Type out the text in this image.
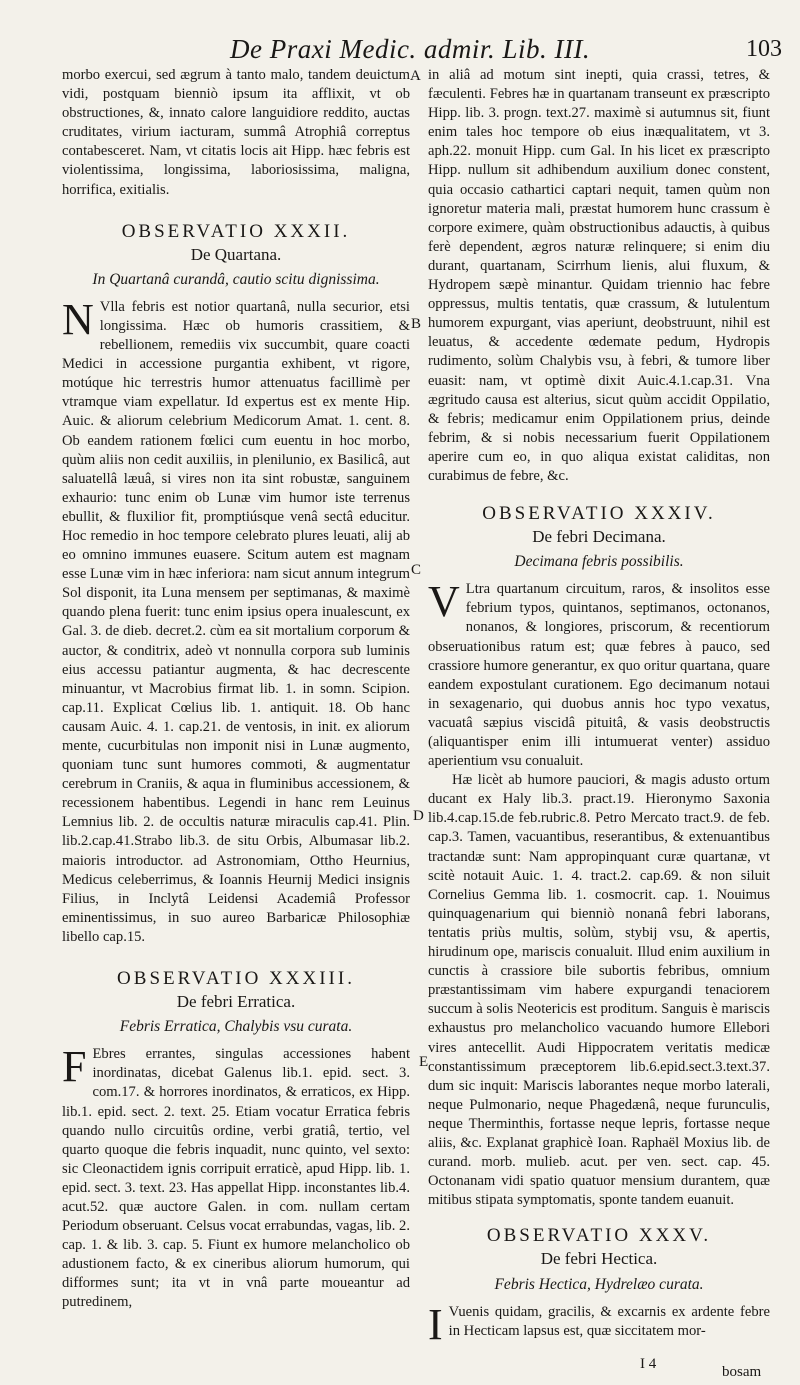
De Praxi Medic. admir. Lib. III.	103
A
B
C
D
E

morbo exercui, sed ægrum à tanto malo, tandem deuictum vidi, postquam bienniò ipsum ita afflixit, vt ob obstructiones, &, innato calore languidiore reddito, auctas cruditates, virium iacturam, summâ Atrophiâ correptus contabesceret. Nam, vt citatis locis ait Hipp. hæc febris est violentissima, longissima, laboriosissima, maligna, horrifica, exitialis.

OBSERVATIO XXXII.
De Quartana.
In Quartanâ curandâ, cautio scitu dignissima.

N Vlla febris est notior quartanâ, nulla securior, etsi longissima. Hæc ob humoris crassitiem, & rebellionem, remediis vix succumbit, quare coacti Medici in accessione purgantia exhibent, vt rigore, motúque hic terrestris humor attenuatus facillimè per vtramque viam expellatur. Id expertus est ex mente Hip. Auic. & aliorum celebrium Medicorum Amat. 1. cent. 8. Ob eandem rationem fœlici cum euentu in hoc morbo, quùm aliis non cedit auxiliis, in plenilunio, ex Basilicâ, aut saluatellâ læuâ, si vires non ita sint robustæ, sanguinem exhaurio: tunc enim ob Lunæ vim humor iste terrenus ebullit, & fluxilior fit, promptiúsque venâ sectâ educitur. Hoc remedio in hoc tempore celebrato plures leuati, alij ab eo omnino immunes euasere. Scitum autem est magnam esse Lunæ vim in hæc inferiora: nam sicut annum integrum Sol disponit, ita Luna mensem per septimanas, & maximè quando plena fuerit: tunc enim ipsius opera inualescunt, ex Gal. 3. de dieb. decret.2. cùm ea sit mortalium corporum & auctor, & conditrix, adeò vt nonnulla corpora sub luminis eius accessu patiantur augmenta, & hac decrescente minuantur, vt Macrobius firmat lib. 1. in somn. Scipion. cap.11. Explicat Cœlius lib. 1. antiquit. 18. Ob hanc causam Auic. 4. 1. cap.21. de ventosis, in init. ex aliorum mente, cucurbitulas non imponit nisi in Lunæ augmento, quoniam tunc sunt humores commoti, & augmentatur cerebrum in Craniis, & aqua in fluminibus accessionem, & recessionem habentibus. Legendi in hanc rem Leuinus Lemnius lib. 2. de occultis naturæ miraculis cap.41. Plin. lib.2.cap.41.Strabo lib.3. de situ Orbis, Albumasar lib.2. maioris introductor. ad Astronomiam, Ottho Heurnius, Medicus celeberrimus, & Ioannis Heurnij Medici insignis Filius, in Inclytâ Leidensi Academiâ Professor eminentissimus, in suo aureo Barbaricæ Philosophiæ libello cap.15.

OBSERVATIO XXXIII.
De febri Erratica.
Febris Erratica, Chalybis vsu curata.

F Ebres errantes, singulas accessiones habent inordinatas, dicebat Galenus lib.1. epid. sect. 3. com.17. & horrores inordinatos, & erraticos, ex Hipp. lib.1. epid. sect. 2. text. 25. Etiam vocatur Erratica febris quando nullo circuitûs ordine, verbi gratiâ, tertio, vel quarto quoque die febris inquadit, nunc quinto, vel sexto: sic Cleonactidem ignis corripuit erraticè, apud Hipp. lib. 1. epid. sect. 3. text. 23. Has appellat Hipp. inconstantes lib.4. acut.52. quæ auctore Galen. in com. nullam certam Periodum obseruant. Celsus vocat errabundas, vagas, lib. 2. cap. 1. & lib. 3. cap. 5. Fiunt ex humore melancholico ob adustionem facto, & ex cineribus aliorum humorum, qui difformes sunt; ita vt in vnâ parte moueantur ad putredinem,

in aliâ ad motum sint inepti, quia crassi, tetres, & fæculenti. Febres hæ in quartanam transeunt ex præscripto Hipp. lib. 3. progn. text.27. maximè si autumnus sit, fiunt enim tales hoc tempore ob eius inæqualitatem, vt 3. aph.22. monuit Hipp. cum Gal. In his licet ex præscripto Hipp. nullum sit adhibendum auxilium donec constent, quia occasio cathartici captari nequit, tamen quùm non ignoretur materia mali, præstat humorem hunc crassum è corpore eximere, quàm obstructionibus adauctis, à quibus ferè dependent, ægros naturæ relinquere; si enim diu durant, quartanam, Scirrhum lienis, alui fluxum, & Hydropem sæpè minantur. Quidam triennio hac febre oppressus, multis tentatis, quæ crassum, & lutulentum humorem expurgant, vias aperiunt, deobstruunt, nihil est leuatus, & accedente œdemate pedum, Hydropis rudimento, solùm Chalybis vsu, à febri, & tumore liber euasit: nam, vt optimè dixit Auic.4.1.cap.31. Vna ægritudo causa est alterius, sicut quùm accidit Oppilatio, & febris; medicamur enim Oppilationem prius, deinde febrim, & si nobis necessarium fuerit Oppilationem aperire cum eo, in quo aliqua existat caliditas, non curabimus de febre, &c.

OBSERVATIO XXXIV.
De febri Decimana.
Decimana febris possibilis.

V Ltra quartanum circuitum, raros, & insolitos esse febrium typos, quintanos, septimanos, octonanos, nonanos, & longiores, priscorum, & recentiorum obseruationibus ratum est; quæ febres à pauco, sed crassiore humore generantur, ex quo oritur quartana, quare eandem expostulant curationem. Ego decimanum notaui in sexagenario, qui duobus annis hoc typo vexatus, vacuatâ sæpius viscidâ pituitâ, & vasis deobstructis (aliquantisper enim illi intumuerat venter) assiduo aperientium vsu conualuit.

Hæ licèt ab humore pauciori, & magis adusto ortum ducant ex Haly lib.3. pract.19. Hieronymo Saxonia lib.4.cap.15.de feb.rubric.8. Petro Mercato tract.9. de feb. cap.3. Tamen, vacuantibus, reserantibus, & extenuantibus tractandæ sunt: Nam appropinquant curæ quartanæ, vt scitè notauit Auic. 1. 4. tract.2. cap.69. & non siluit Cornelius Gemma lib. 1. cosmocrit. cap. 1. Nouimus quinquagenarium qui bienniò nonanâ febri laborans, tentatis priùs multis, solùm, stybij vsu, & apertis, hirudinum ope, mariscis conualuit. Illud enim auxilium in cunctis à crassiore bile subortis febribus, omnium præstantissimam vim habere expurgandi tenaciorem succum à solis Neotericis est proditum. Sanguis è mariscis exhaustus pro melancholico vacuando humore Ellebori vires antecellit. Audi Hippocratem veritatis medicæ constantissimum præceptorem lib.6.epid.sect.3.text.37. dum sic inquit: Mariscis laborantes neque morbo laterali, neque Pulmonario, neque Phagedænâ, neque furunculis, neque Therminthis, fortasse neque lepris, fortasse neque aliis, &c. Explanat graphicè Ioan. Raphaël Moxius lib. de curand. morb. mulieb. acut. per ven. sect. cap. 45. Octonanam vidi spatio quatuor mensium durantem, quæ mitibus stipata symptomatis, sponte tandem euanuit.

OBSERVATIO XXXV.
De febri Hectica.
Febris Hectica, Hydrelæo curata.

I Vuenis quidam, gracilis, & excarnis ex ardente febre in Hecticam lapsus est, quæ siccitatem mor-

I 4	bosam
